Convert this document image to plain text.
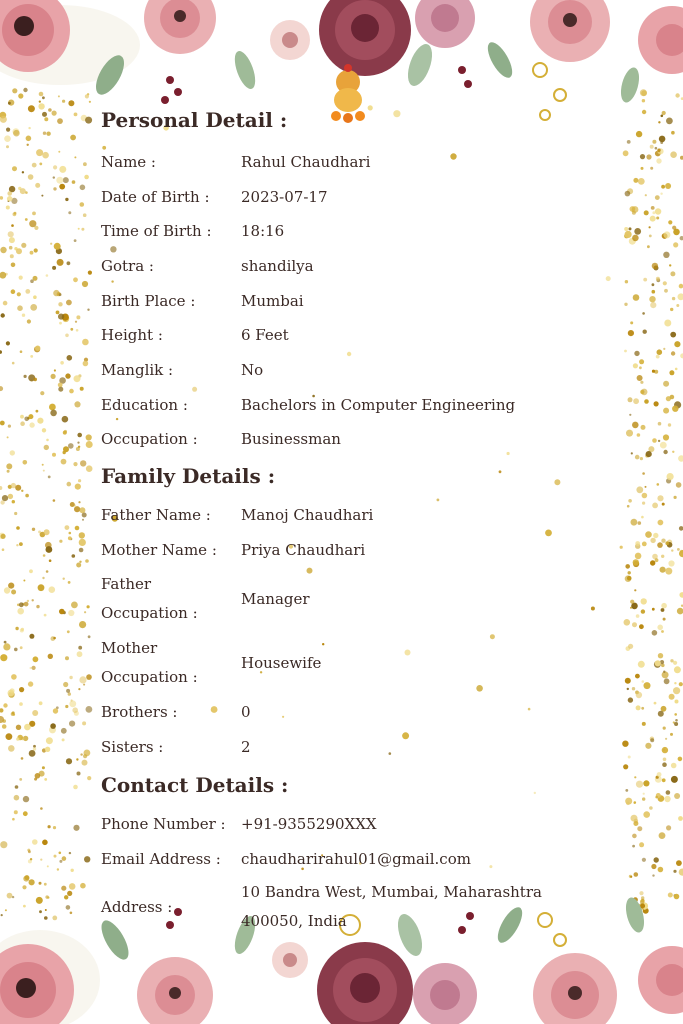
Personal Detail :
Name :	Rahul Chaudhari
Date of Birth :	2023-07-17
Time of Birth :	18:16
Gotra :	shandilya
Birth Place :	Mumbai
Height :	6 Feet
Manglik :	No
Education :	Bachelors in Computer Engineering
Occupation :	Businessman
Family Details :
Father Name :	Manoj Chaudhari
Mother Name :	Priya Chaudhari
Father Occupation :
Manager
Mother Occupation :
Housewife
Brothers :	0
Sisters :	2
Contact Details :
Phone Number :	+91-9355290XXX
Email Address :	chaudharirahul01@gmail.com
Address :
10 Bandra West, Mumbai, Maharashtra 400050, India
